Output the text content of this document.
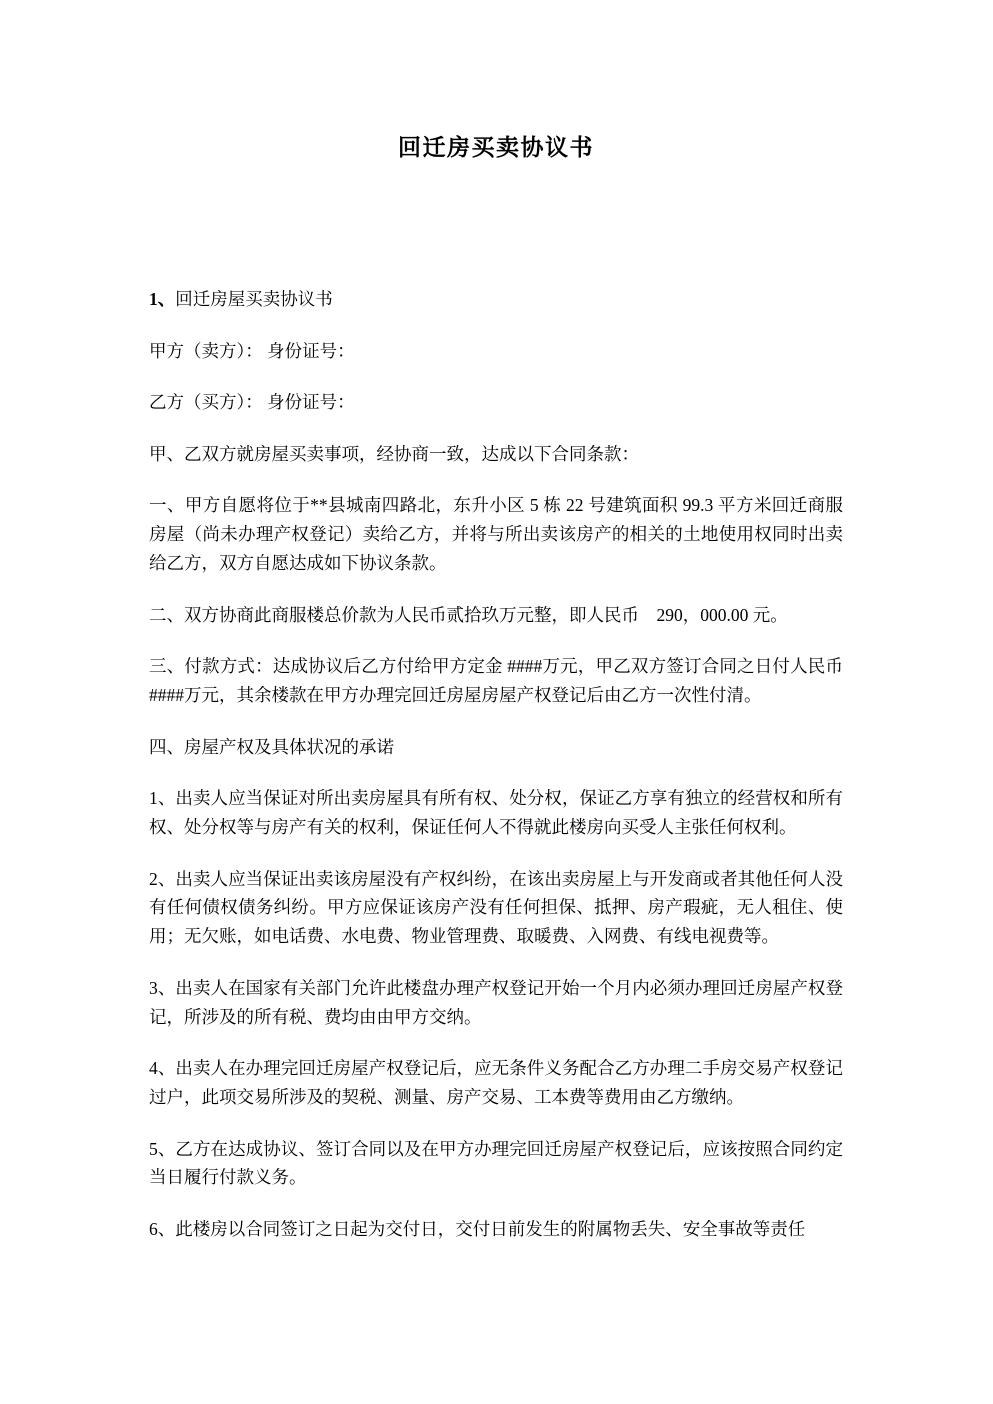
回迁房买卖协议书
1、回迁房屋买卖协议书

甲方（卖方）： 身份证号：

乙方（买方）： 身份证号：

甲、乙双方就房屋买卖事项，经协商一致，达成以下合同条款：

一、甲方自愿将位于**县城南四路北，东升小区 5 栋 22 号建筑面积 99.3 平方米回迁商服房屋（尚未办理产权登记）卖给乙方，并将与所出卖该房产的相关的土地使用权同时出卖给乙方，双方自愿达成如下协议条款。

二、双方协商此商服楼总价款为人民币贰拾玖万元整，即人民币　290，000.00 元。

三、付款方式：达成协议后乙方付给甲方定金 ####万元，甲乙双方签订合同之日付人民币####万元，其余楼款在甲方办理完回迁房屋房屋产权登记后由乙方一次性付清。

四、房屋产权及具体状况的承诺

1、出卖人应当保证对所出卖房屋具有所有权、处分权，保证乙方享有独立的经营权和所有权、处分权等与房产有关的权利，保证任何人不得就此楼房向买受人主张任何权利。

2、出卖人应当保证出卖该房屋没有产权纠纷，在该出卖房屋上与开发商或者其他任何人没有任何债权债务纠纷。甲方应保证该房产没有任何担保、抵押、房产瑕疵，无人租住、使用；无欠账，如电话费、水电费、物业管理费、取暖费、入网费、有线电视费等。

3、出卖人在国家有关部门允许此楼盘办理产权登记开始一个月内必须办理回迁房屋产权登记，所涉及的所有税、费均由由甲方交纳。

4、出卖人在办理完回迁房屋产权登记后，应无条件义务配合乙方办理二手房交易产权登记过户，此项交易所涉及的契税、测量、房产交易、工本费等费用由乙方缴纳。

5、乙方在达成协议、签订合同以及在甲方办理完回迁房屋产权登记后，应该按照合同约定当日履行付款义务。

6、此楼房以合同签订之日起为交付日，交付日前发生的附属物丢失、安全事故等责任
